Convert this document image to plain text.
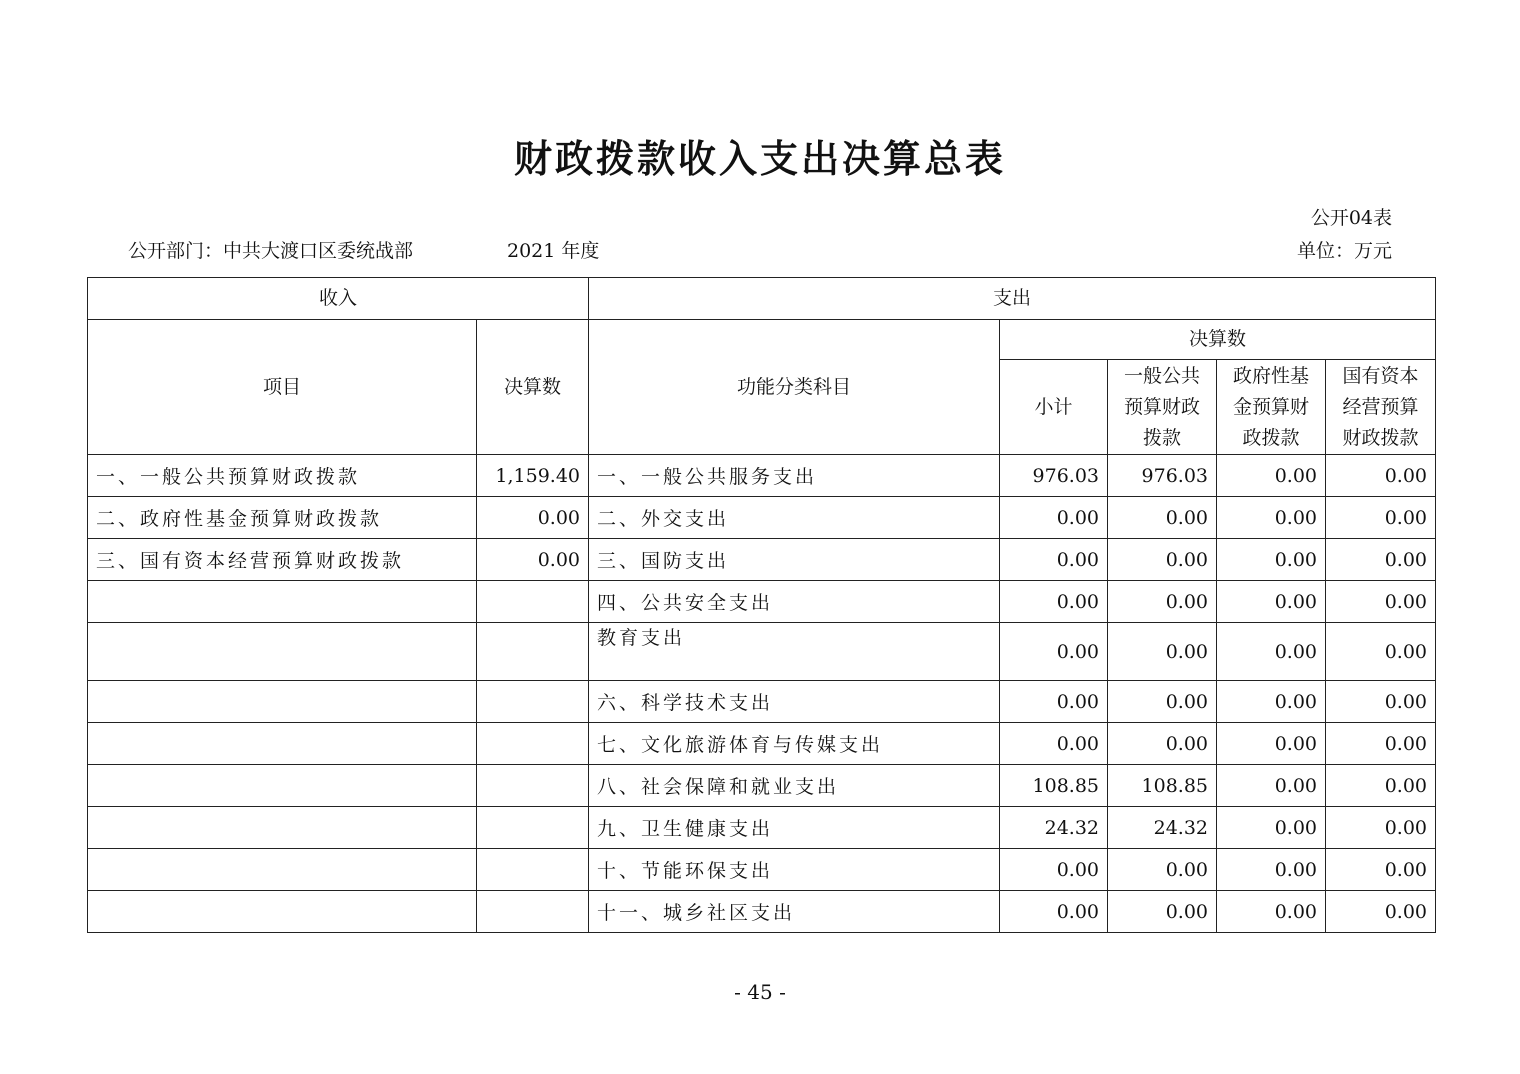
财政拨款收入支出决算总表
公开04表
公开部门：中共大渡口区委统战部	2021 年度	单位：万元
收入		支出				
项目	决算数	功能分类科目	决算数			
			小计	一般公共预算财政拨款	政府性基金预算财政拨款	国有资本经营预算财政拨款
一、一般公共预算财政拨款	1,159.40	一、一般公共服务支出	976.03	976.03	0.00	0.00
二、政府性基金预算财政拨款	0.00	二、外交支出	0.00	0.00	0.00	0.00
三、国有资本经营预算财政拨款	0.00	三、国防支出	0.00	0.00	0.00	0.00
		四、公共安全支出	0.00	0.00	0.00	0.00
		教育支出	0.00	0.00	0.00	0.00
		六、科学技术支出	0.00	0.00	0.00	0.00
		七、文化旅游体育与传媒支出	0.00	0.00	0.00	0.00
		八、社会保障和就业支出	108.85	108.85	0.00	0.00
		九、卫生健康支出	24.32	24.32	0.00	0.00
		十、节能环保支出	0.00	0.00	0.00	0.00
		十一、城乡社区支出	0.00	0.00	0.00	0.00
- 45 -
